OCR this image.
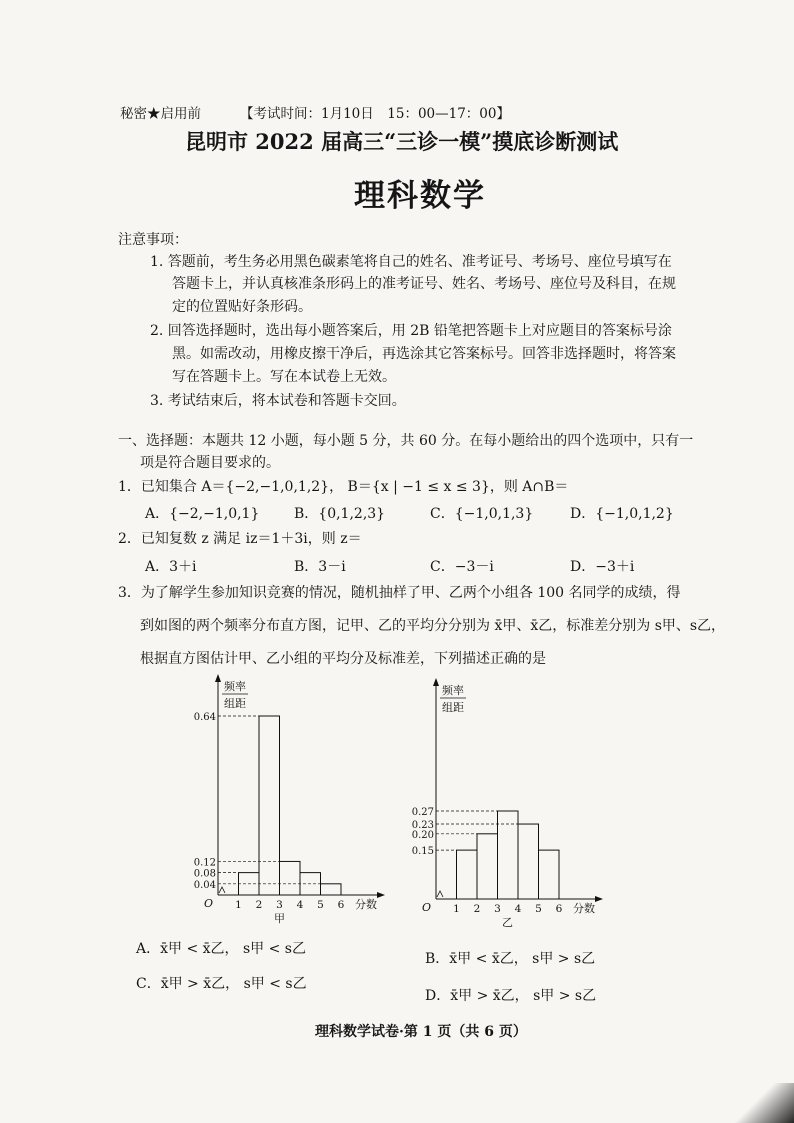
秘密★启用前	【考试时间：1月10日　15：00—17：00】
昆明市 2022 届高三“三诊一模”摸底诊断测试
理科数学
注意事项：
1. 答题前，考生务必用黑色碳素笔将自己的姓名、准考证号、考场号、座位号填写在
答题卡上，并认真核准条形码上的准考证号、姓名、考场号、座位号及科目，在规
定的位置贴好条形码。
2. 回答选择题时，选出每小题答案后，用 2B 铅笔把答题卡上对应题目的答案标号涂
黑。如需改动，用橡皮擦干净后，再选涂其它答案标号。回答非选择题时，将答案
写在答题卡上。写在本试卷上无效。
3. 考试结束后，将本试卷和答题卡交回。
一、选择题：本题共 12 小题，每小题 5 分，共 60 分。在每小题给出的四个选项中，只有一
项是符合题目要求的。
1．已知集合 A＝{−2,−1,0,1,2}， B＝{x | −1 ≤ x ≤ 3}，则 A∩B＝
A．{−2,−1,0,1} B．{0,1,2,3}	C．{−1,0,1,3}	D．{−1,0,1,2}
2．已知复数 z 满足 iz＝1＋3i，则 z＝
A．3＋i	B．3－i	C．−3－i	D．−3＋i
3．为了解学生参加知识竞赛的情况，随机抽样了甲、乙两个小组各 100 名同学的成绩，得
到如图的两个频率分布直方图，记甲、乙的平均分分别为 x̄甲、x̄乙，标准差分别为 s甲、s乙，
根据直方图估计甲、乙小组的平均分及标准差，下列描述正确的是
频率
组距
O
0.64
0.12
0.08
0.04
1 2 3 4 5 6 分数
甲
频率
组距
O
0.27
0.23
0.20
0.15
1 2 3 4 5 6 分数
乙
A．x̄甲 < x̄乙， s甲 < s乙
B．x̄甲 < x̄乙， s甲 > s乙
C．x̄甲 > x̄乙， s甲 < s乙
D．x̄甲 > x̄乙， s甲 > s乙
理科数学试卷·第 1 页（共 6 页）
